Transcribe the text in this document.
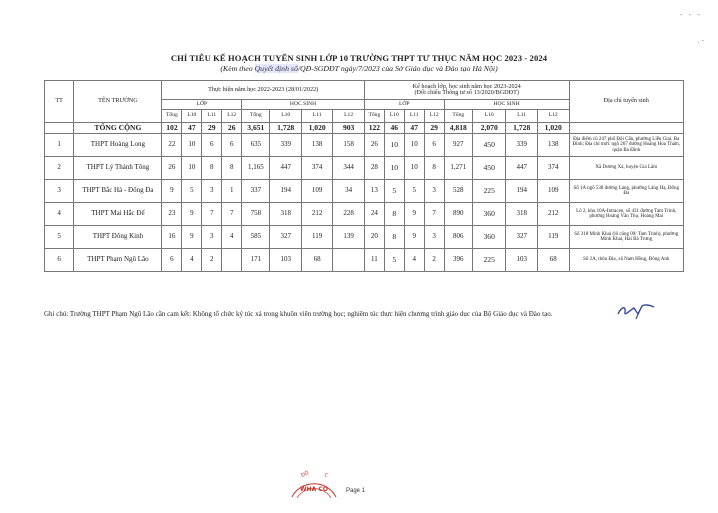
- - -
. -
CHỈ TIÊU KẾ HOẠCH TUYỂN SINH LỚP 10 TRƯỜNG THPT TƯ THỤC NĂM HỌC 2023 - 2024
(Kèm theo Quyết định số/QĐ-SGDĐT ngày/7/2023 của Sở Giáo dục và Đào tạo Hà Nội)
TT	TÊN TRƯỜNG	Thực hiện năm học 2022-2023 (28/01/2022)								Kế hoạch lớp, học sinh năm học 2023-2024
(Đối chiếu Thông tư số 13/2020/BGDĐT)								Địa chỉ tuyển sinh
		LỚP				HỌC SINH				LỚP				HỌC SINH				
		Tổng	L10	L11	L12	Tổng	L10	L11	L12	Tổng	L10	L11	L12	Tổng	L10	L11	L12	
	TỔNG CỘNG	102	47	29	26	3,651	1,728	1,020	903	122	46	47	29	4,818	2,070	1,728	1,020	
1	THPT Hoàng Long	22	10	6	6	635	339	138	158	26	10	10	6	927	450	339	138	Địa điểm cũ 247 phố Đội Cấn, phường Liễu Giai, Ba Đình; Địa chỉ mới: ngõ 267 đường Hoàng Hoa Thám, quận Ba Đình
2	THPT Lý Thánh Tông	26	10	8	8	1,165	447	374	344	28	10	10	8	1,271	450	447	374	Xã Dương Xá, huyện Gia Lâm
3	THPT Bắc Hà - Đống Đa	9	5	3	1	337	194	109	34	13	5	5	3	528	225	194	109	Số 1A ngõ 538 đường Láng, phường Láng Hạ, Đống Đa
4	THPT Mai Hắc Đế	23	9	7	7	758	318	212	228	24	8	9	7	890	360	318	212	Lô 2, khu 10A-Intracen, số 431 đường Tam Trinh, phường Hoàng Văn Thụ, Hoàng Mai
5	THPT Đông Kinh	16	9	3	4	585	327	119	139	20	8	9	3	806	360	327	119	Số 318 Minh Khai (lô cũng 09/ Tam Trinh), phường Minh Khai, Hai Bà Trưng
6	THPT Phạm Ngũ Lão	6	4	2		171	103	68		11	5	4	2	396	225	103	68	Số 2A, thôn Đìa, xã Nam Hồng, Đông Anh
Ghi chú: Trường THPT Phạm Ngũ Lão cần cam kết: Không tổ chức ký túc xá trong khuôn viên trường học; nghiêm túc thực hiện chương trình giáo dục của Bộ Giáo dục và Đào tạo.
WHA CO
ĐÔ	C
Page 1
